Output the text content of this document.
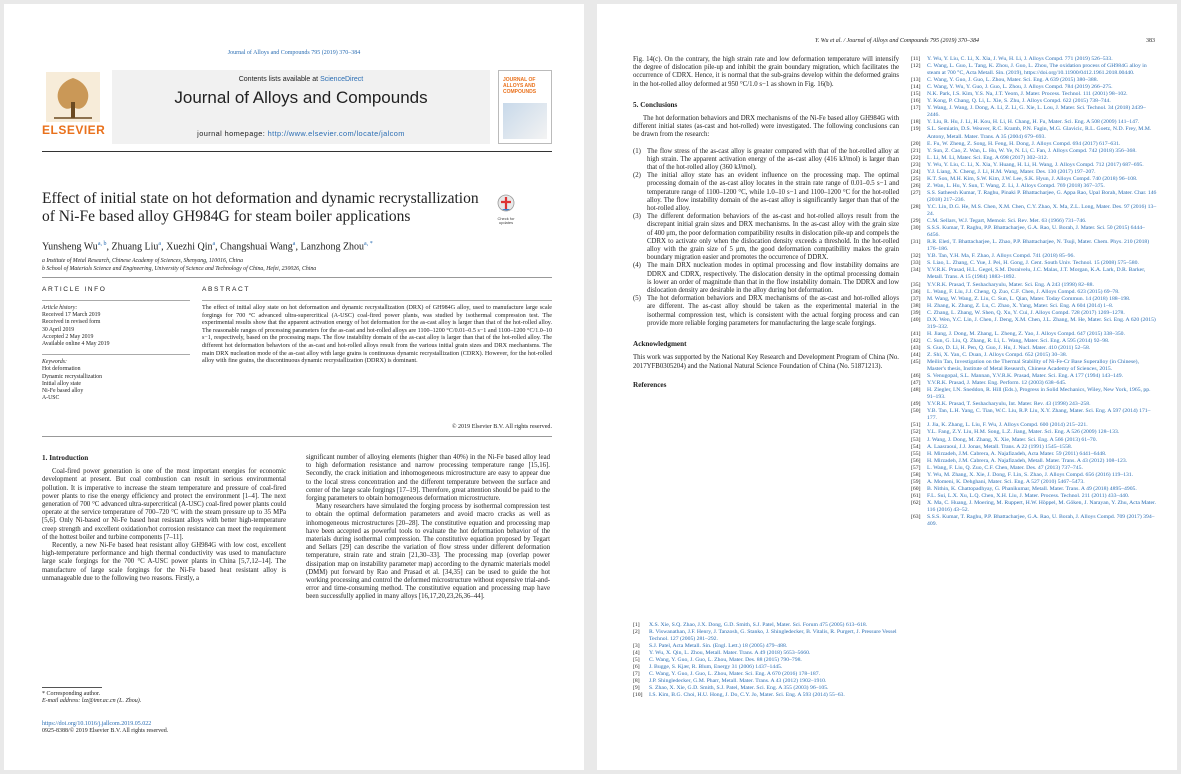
Journal of Alloys and Compounds 795 (2019) 370–384
ELSEVIER
Contents lists available at ScienceDirect
Journal of Alloys and Compounds
journal homepage: http://www.elsevier.com/locate/jalcom
JOURNAL OF ALLOYS AND COMPOUNDS
Effect of initial state on hot deformation and dynamic recrystallization of Ni-Fe based alloy GH984G for steam boiler applications	Check for updates
Yunsheng Wu$^{a, b}$, Zhuang Liu$^a$, Xuezhi Qin$^a$, Changshuai Wang$^a$, Lanzhong Zhou$^{a, *}$
a Institute of Metal Research, Chinese Academy of Sciences, Shenyang, 110016, China
b School of Materials Science and Engineering, University of Science and Technology of China, Hefei, 230026, China
ARTICLE INFO	ABSTRACT
Article history:
Received 17 March 2019
Received in revised form
30 April 2019
Accepted 2 May 2019
Available online 4 May 2019
Keywords:
Hot deformation
Dynamic recrystallization
Initial alloy state
Ni-Fe based alloy
A-USC
The effect of initial alloy state on hot deformation and dynamic recrystallization (DRX) of GH984G alloy, used to manufacture large scale forgings for 700 °C advanced ultra-supercritical (A-USC) coal-fired power plants, was studied by isothermal compression test. The experimental results show that the apparent activation energy of hot deformation for the as-cast alloy is larger than that of the hot-rolled alloy. The reasonable ranges of processing parameters for the as-cast and hot-rolled alloys are 1100–1200 °C/0.01–0.5 s−1 and 1100–1200 °C/1.0–10 s−1, respectively, based on the processing maps. The flow instability domain of the as-cast alloy is larger than that of the hot-rolled alloy. The different hot deformation behaviors of the as-cast and hot-rolled alloys result from the various initial grain sizes and DRX mechanisms. The main DRX nucleation mode of the as-cast alloy with large grains is continuous dynamic recrystallization (CDRX). However, for the hot-rolled alloy with fine grains, the discontinuous dynamic recrystallization (DDRX) is dominant.
© 2019 Elsevier B.V. All rights reserved.
1. Introduction

Coal-fired power generation is one of the most important energies for economic development at present. But coal combustion can result in serious environmental pollution. It is imperative to increase the steam temperature and pressure of coal-fired power plants to rise the energy efficiency and protect the environment [1–4]. The next generation of 700 °C advanced ultra-supercritical (A-USC) coal-fired power plants could operate at the service temperature of 700–720 °C with the steam pressure up to 35 MPa [5,6]. Only Ni-based or Ni-Fe based heat resistant alloys with better high-temperature creep strength and excellent oxidation/hot corrosion resistance can meet the requirement of the hottest boiler and turbine components [7–11].

Recently, a new Ni-Fe based heat resistant alloy GH984G with low cost, excellent high-temperature performance and high thermal conductivity was used to manufacture large scale forgings for the 700 °C A-USC power plants in China [5,7,12–14]. The manufacture of large scale forgings for the Ni-Fe based heat resistant alloy is unmanageable due to the following two reasons. Firstly, a

significant number of alloying elements (higher than 40%) in the Ni-Fe based alloy lead to high deformation resistance and narrow processing temperature range [15,16]. Secondly, the crack initiation and inhomogeneous microstructure are easy to appear due to the local stress concentration and the different temperature between the surface and center of the large scale forgings [17–19]. Therefore, great attention should be paid to the forging parameters to obtain homogeneous deformation microstructure.

Many researchers have simulated the forging process by isothermal compression test to obtain the optimal deformation parameters and avoid macro cracks as well as inhomogeneous microstructures [20–28]. The constitutive equation and processing map have been accepted as powerful tools to evaluate the hot deformation behavior of the materials during isothermal compression. The constitutive equation proposed by Tegart and Sellars [29] can describe the variation of flow stress under different deformation temperature, strain rate and strain [21,30–33]. The processing map (overlap power dissipation map on instability parameter map) according to the dynamic materials model (DMM) put forward by Rao and Prasad et al. [34,35] can be used to guide the hot working processing and control the deformed microstructure without expensive trial-and-error and time-consuming method. The constitutive equation and processing map have been successfully applied in many alloys [16,17,20,23,26,36–44].

* Corresponding author.
E-mail address: lzz@imr.ac.cn (L. Zhou).
https://doi.org/10.1016/j.jallcom.2019.05.022
0925-8388/© 2019 Elsevier B.V. All rights reserved.
Y. Wu et al. / Journal of Alloys and Compounds 795 (2019) 370–384	383

Fig. 14(c). On the contrary, the high strain rate and low deformation temperature will intensify the degree of dislocation pile-up and inhibit the grain boundary migration, which facilitates the occurrence of CDRX. Hence, it is normal that the sub-grains develop within the deformed grains in the hot-rolled alloy deformed at 950 °C/1.0 s−1 as shown in Fig. 16(b).

5. Conclusions

The hot deformation behaviors and DRX mechanisms of the Ni-Fe based alloy GH984G with different initial states (as-cast and hot-rolled) were investigated. The following conclusions can be drawn from the research:

(1) The flow stress of the as-cast alloy is greater compared with that of the hot-rolled alloy at high strain. The apparent activation energy of the as-cast alloy (416 kJ/mol) is larger than that of the hot-rolled alloy (360 kJ/mol).
(2) The initial alloy state has an evident influence on the processing map. The optimal processing domain of the as-cast alloy locates in the strain rate range of 0.01–0.5 s−1 and temperature range of 1100–1200 °C, while 1.0–10 s−1 and 1100–1200 °C for the hot-rolled alloy. The flow instability domain of the as-cast alloy is significantly larger than that of the hot-rolled alloy.
(3) The different deformation behaviors of the as-cast and hot-rolled alloys result from the discrepant initial grain sizes and DRX mechanisms. In the as-cast alloy with the grain size of 400 μm, the poor deformation compatibility results in dislocation pile-up and compels the CDRX to activate only when the dislocation density exceeds a threshold. In the hot-rolled alloy with the grain size of 5 μm, the good deformation compatibility makes the grain boundary migration easier and promotes the occurrence of DDRX.
(4) The main DRX nucleation modes in optimal processing and flow instability domains are DDRX and CDRX, respectively. The dislocation density in the optimal processing domain is lower an order of magnitude than that in the flow instability domain. The DDRX and low dislocation density are desirable in the alloy during hot deformation.
(5) The hot deformation behaviors and DRX mechanisms of the as-cast and hot-rolled alloys are different. The as-cast alloy should be taken as the experimental material in the isothermal compression test, which is consistent with the actual forging process and can provide more reliable forging parameters for manufacturing the large scale forgings.
Acknowledgment

This work was supported by the National Key Research and Development Program of China (No. 2017YFB0305204) and the National Natural Science Foundation of China (No. 51871213).

References
[1]	X.S. Xie, S.Q. Zhao, J.X. Dong, G.D. Smith, S.J. Patel, Mater. Sci. Forum 475 (2005) 613–618.
[2]	R. Viswanathan, J.F. Henry, J. Tanzosh, G. Stanko, J. Shingledecker, B. Vitalis, R. Purgert, J. Pressure Vessel Technol. 127 (2005) 281–292.
[3]	S.J. Patel, Acta Metall. Sin. (Engl. Lett.) 18 (2005) 479–488.
[4]	Y. Wu, X. Qin, L. Zhou, Metall. Mater. Trans. A 49 (2018) 5653–5660.
[5]	C. Wang, Y. Guo, J. Guo, L. Zhou, Mater. Des. 88 (2015) 790–798.
[6]	J. Bugge, S. Kjær, R. Blum, Energy 31 (2006) 1437–1445.
[7]	C. Wang, Y. Guo, J. Guo, L. Zhou, Mater. Sci. Eng. A 670 (2016) 178–187.
[8]	J.P. Shingledecker, G.M. Pharr, Metall. Mater. Trans. A 43 (2012) 1902–1910.
[9]	S. Zhao, X. Xie, G.D. Smith, S.J. Patel, Mater. Sci. Eng. A 355 (2003) 96–105.
[10]	I.S. Kim, B.G. Choi, H.U. Hong, J. Do, C.Y. Jo, Mater. Sci. Eng. A 593 (2014) 55–63.
[11]	Y. Wu, Y. Liu, C. Li, X. Xia, J. Wu, H. Li, J. Alloys Compd. 771 (2019) 526–533.
[12]	C. Wang, L. Guo, L. Tang, K. Zhou, J. Guo, L. Zhou, The oxidation process of GH984G alloy in steam at 700 °C, Acta Metall. Sin. (2019), https://doi.org/10.11900/0412.1961.2018.00440.
[13]	C. Wang, Y. Guo, J. Guo, L. Zhou, Mater. Sci. Eng. A 639 (2015) 380–388.
[14]	C. Wang, Y. Wu, Y. Guo, J. Guo, L. Zhou, J. Alloys Compd. 784 (2019) 266–275.
[15]	N.K. Park, I.S. Kim, Y.S. Na, J.T. Yeom, J. Mater. Process. Technol. 111 (2001) 98–102.
[16]	Y. Kong, P. Chang, Q. Li, L. Xie, S. Zhu, J. Alloys Compd. 622 (2015) 738–744.
[17]	Y. Wang, J. Wang, J. Dong, A. Li, Z. Li, G. Xie, L. Lou, J. Mater. Sci. Technol. 34 (2018) 2439–2446.
[18]	Y. Liu, R. Hu, J. Li, H. Kou, H. Li, H. Chang, H. Fu, Mater. Sci. Eng. A 508 (2009) 141–147.
[19]	S.L. Semiatin, D.S. Weaver, R.C. Kramb, P.N. Fagin, M.G. Glavicic, R.L. Goetz, N.D. Frey, M.M. Antony, Metall. Mater. Trans. A 35 (2004) 679–693.
[20]	E. Fu, W. Zheng, Z. Song, H. Feng, H. Dong, J. Alloys Compd. 694 (2017) 617–631.
[21]	Y. Sun, Z. Cao, Z. Wan, L. Hu, W. Ye, N. Li, C. Fan, J. Alloys Compd. 742 (2018) 356–368.
[22]	L. Li, M. Li, Mater. Sci. Eng. A 698 (2017) 302–312.
[23]	Y. Wu, Y. Liu, C. Li, X. Xia, Y. Huang, H. Li, H. Wang, J. Alloys Compd. 712 (2017) 687–695.
[24]	Y.J. Liang, X. Cheng, J. Li, H.M. Wang, Mater. Des. 130 (2017) 197–207.
[25]	K.T. Son, M.H. Kim, S.W. Kim, J.W. Lee, S.K. Hyun, J. Alloys Compd. 740 (2018) 96–108.
[26]	Z. Wan, L. Hu, Y. Sun, T. Wang, Z. Li, J. Alloys Compd. 769 (2018) 367–375.
[27]	S.S. Satheesh Kumar, T. Raghu, Pinaki P. Bhattacharjee, G. Appa Rao, Upal Borah, Mater. Char. 146 (2018) 217–236.
[28]	Y.C. Lin, D.G. He, M.S. Chen, X.M. Chen, C.Y. Zhao, X. Ma, Z.L. Long, Mater. Des. 97 (2016) 13–24.
[29]	C.M. Sellars, W.J. Tegart, Memoir. Sci. Rev. Met. 63 (1966) 731–746.
[30]	S.S.S. Kumar, T. Raghu, P.P. Bhattacharjee, G.A. Rao, U. Borah, J. Mater. Sci. 50 (2015) 6444–6456.
[31]	R.R. Eleti, T. Bhattacharjee, L. Zhao, P.P. Bhattacharjee, N. Tsuji, Mater. Chem. Phys. 210 (2018) 176–186.
[32]	Y.B. Tan, Y.H. Ma, F. Zhao, J. Alloys Compd. 741 (2018) 85–96.
[33]	S. Liao, L. Zhang, C. Yue, J. Pei, H. Gong, J. Cent. South Univ. Technol. 15 (2008) 575–580.
[34]	Y.V.R.K. Prasad, H.L. Gegel, S.M. Doraivelu, J.C. Malas, J.T. Morgan, K.A. Lark, D.R. Barker, Metall. Trans. A 15 (1984) 1883–1892.
[35]	Y.V.R.K. Prasad, T. Seshacharyulu, Mater. Sci. Eng. A 243 (1998) 82–88.
[36]	L. Wang, F. Liu, J.J. Cheng, Q. Zuo, C.F. Chen, J. Alloys Compd. 623 (2015) 69–78.
[37]	M. Wang, W. Wang, Z. Liu, C. Sun, L. Qian, Mater. Today Commun. 14 (2018) 188–198.
[38]	H. Zhang, K. Zhang, Z. Lu, C. Zhao, X. Yang, Mater. Sci. Eng. A 604 (2014) 1–8.
[39]	C. Zhang, L. Zhang, W. Shen, Q. Xu, Y. Cui, J. Alloys Compd. 728 (2017) 1269–1278.
[40]	D.X. Wen, Y.C. Lin, J. Chen, J. Deng, X.M. Chen, J.L. Zhang, M. He, Mater. Sci. Eng. A 620 (2015) 319–332.
[41]	H. Jiang, J. Dong, M. Zhang, L. Zheng, Z. Yao, J. Alloys Compd. 647 (2015) 338–350.
[42]	C. Sun, G. Liu, Q. Zhang, R. Li, L. Wang, Mater. Sci. Eng. A 595 (2014) 92–98.
[43]	S. Guo, D. Li, H. Pen, Q. Guo, J. Hu, J. Nucl. Mater. 410 (2011) 52–58.
[44]	Z. Shi, X. Yan, C. Duan, J. Alloys Compd. 652 (2015) 30–38.
[45]	Meilin Tan, Investigation on the Thermal Stability of Ni-Fe-Cr Base Superalloy (in Chinese), Master's thesis, Institute of Metal Research, Chinese Academy of Sciences, 2015.
[46]	S. Venugopal, S.L. Mannan, Y.V.R.K. Prasad, Mater. Sci. Eng. A 177 (1994) 143–149.
[47]	Y.V.R.K. Prasad, J. Mater. Eng. Perform. 12 (2003) 638–645.
[48]	H. Ziegler, I.N. Sneddon, R. Hill (Eds.), Progress in Solid Mechanics, Wiley, New York, 1965, pp. 91–193.
[49]	Y.V.R.K. Prasad, T. Seshacharyulu, Int. Mater. Rev. 43 (1998) 243–258.
[50]	Y.B. Tan, L.H. Yang, C. Tian, W.C. Liu, R.P. Liu, X.Y. Zhang, Mater. Sci. Eng. A 597 (2014) 171–177.
[51]	J. Jia, K. Zhang, L. Liu, F. Wu, J. Alloys Compd. 600 (2014) 215–221.
[52]	Y.L. Fang, Z.Y. Liu, H.M. Song, L.Z. Jiang, Mater. Sci. Eng. A 526 (2009) 128–133.
[53]	J. Wang, J. Dong, M. Zhang, X. Xie, Mater. Sci. Eng. A 566 (2013) 61–70.
[54]	A. Laasraoui, J.J. Jonas, Metall. Trans. A 22 (1991) 1545–1558.
[55]	H. Mirzadeh, J.M. Cabrera, A. Najafizadeh, Acta Mater. 59 (2011) 6441–6448.
[56]	H. Mirzadeh, J.M. Cabrera, A. Najafizadeh, Metall. Mater. Trans. A 43 (2012) 108–123.
[57]	L. Wang, F. Liu, Q. Zuo, C.F. Chen, Mater. Des. 47 (2013) 737–745.
[58]	Y. Wu, M. Zhang, X. Xie, J. Dong, F. Lin, S. Zhao, J. Alloys Compd. 656 (2016) 119–131.
[59]	A. Momeni, K. Dehghani, Mater. Sci. Eng. A 527 (2010) 5467–5473.
[60]	B. Nithin, K. Chattopadhyay, G. Phanikumar, Metall. Mater. Trans. A 49 (2018) 4895–4905.
[61]	F.L. Sui, L.X. Xu, L.Q. Chen, X.H. Liu, J. Mater. Process. Technol. 211 (2011) 433–440.
[62]	X. Ma, C. Huang, J. Moering, M. Ruppert, H.W. Höppel, M. Göken, J. Narayan, Y. Zhu, Acta Mater. 116 (2016) 43–52.
[63]	S.S.S. Kumar, T. Raghu, P.P. Bhattacharjee, G.A. Rao, U. Borah, J. Alloys Compd. 709 (2017) 394–409.
